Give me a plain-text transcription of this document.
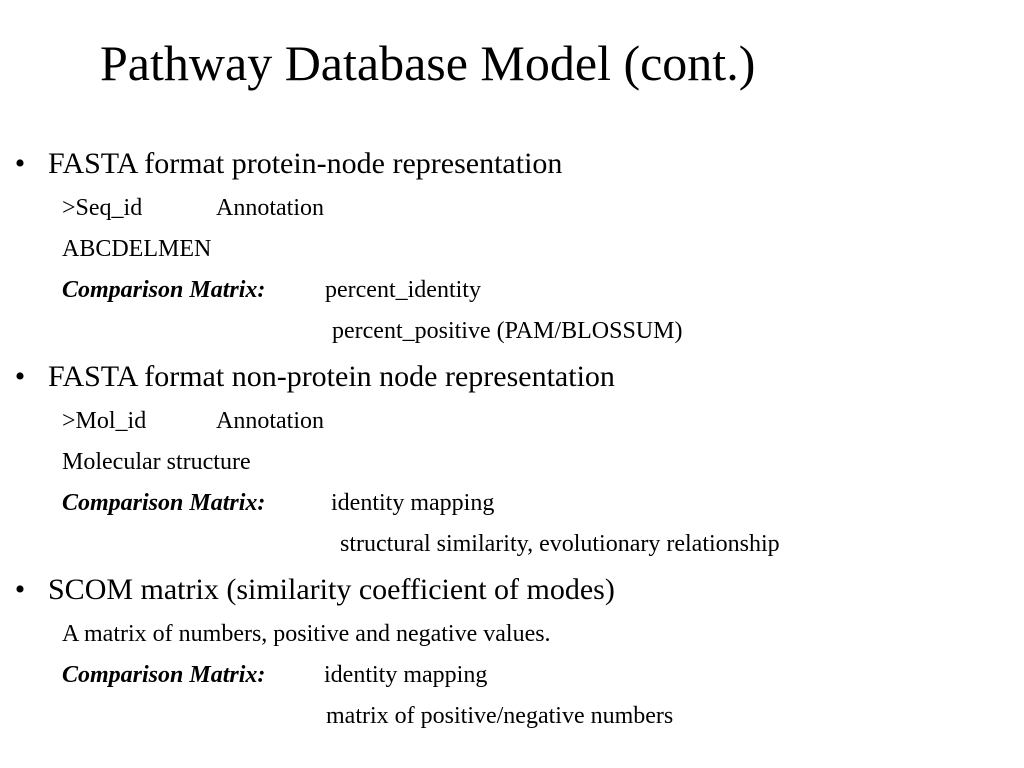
Pathway Database Model (cont.)
• FASTA format protein-node representation
>Seq_id	Annotation
ABCDELMEN
Comparison Matrix: percent_identity
percent_positive (PAM/BLOSSUM)
• FASTA format non-protein node representation
>Mol_id	Annotation
Molecular structure
Comparison Matrix:	identity mapping
structural similarity, evolutionary relationship
• SCOM matrix (similarity coefficient of modes)
A matrix of numbers, positive and negative values.
Comparison Matrix: identity mapping
matrix of positive/negative numbers
